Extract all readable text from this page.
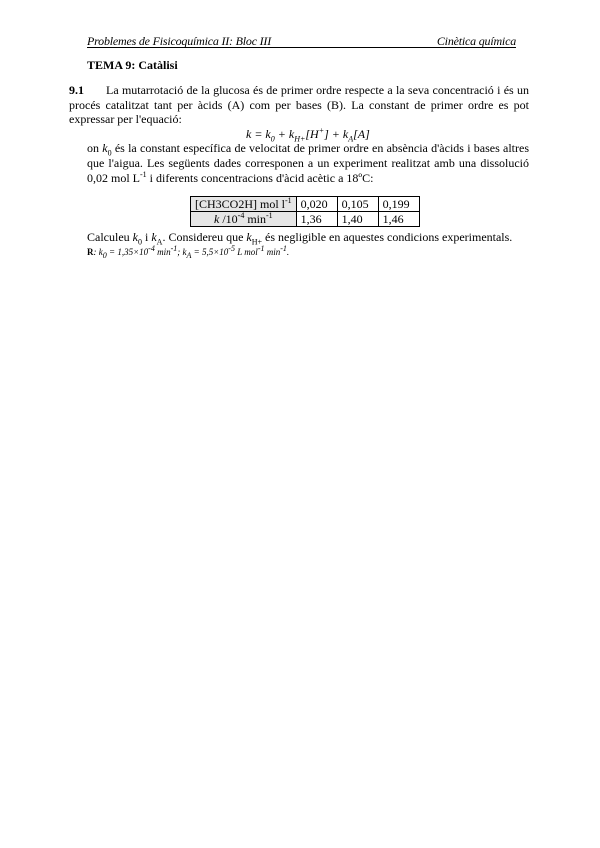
Problemes de Fisicoquímica II: Bloc III	Cinètica química
TEMA 9: Catàlisi
9.1 La mutarrotació de la glucosa és de primer ordre respecte a la seva concentració i és un procés catalitzat tant per àcids (A) com per bases (B). La constant de primer ordre es pot expressar per l'equació:
$k = k_0 + k_{H+}[H^+] + k_A[A]$
on $k_0$ és la constant específica de velocitat de primer ordre en absència d'àcids i bases altres que l'aigua. Les següents dades corresponen a un experiment realitzat amb una dissolució 0,02 mol $L^{-1}$ i diferents concentracions d'àcid acètic a 18ºC:
[CH3CO2H] mol $l^{-1}$	0,020	0,105	0,199
k $/10^{-4}$ $\min^{-1}$	1,36	1,40	1,46
Calculeu $k_0$ i $k_A$. Considereu que $k_{H+}$ és negligible en aquestes condicions experimentals.
R: $k_0 = 1,35\times 10^{-4}$ $\min^{-1}$; $k_A = 5,5\times 10^{-5}$ L mol$^{-1}$ $\min^{-1}$.
